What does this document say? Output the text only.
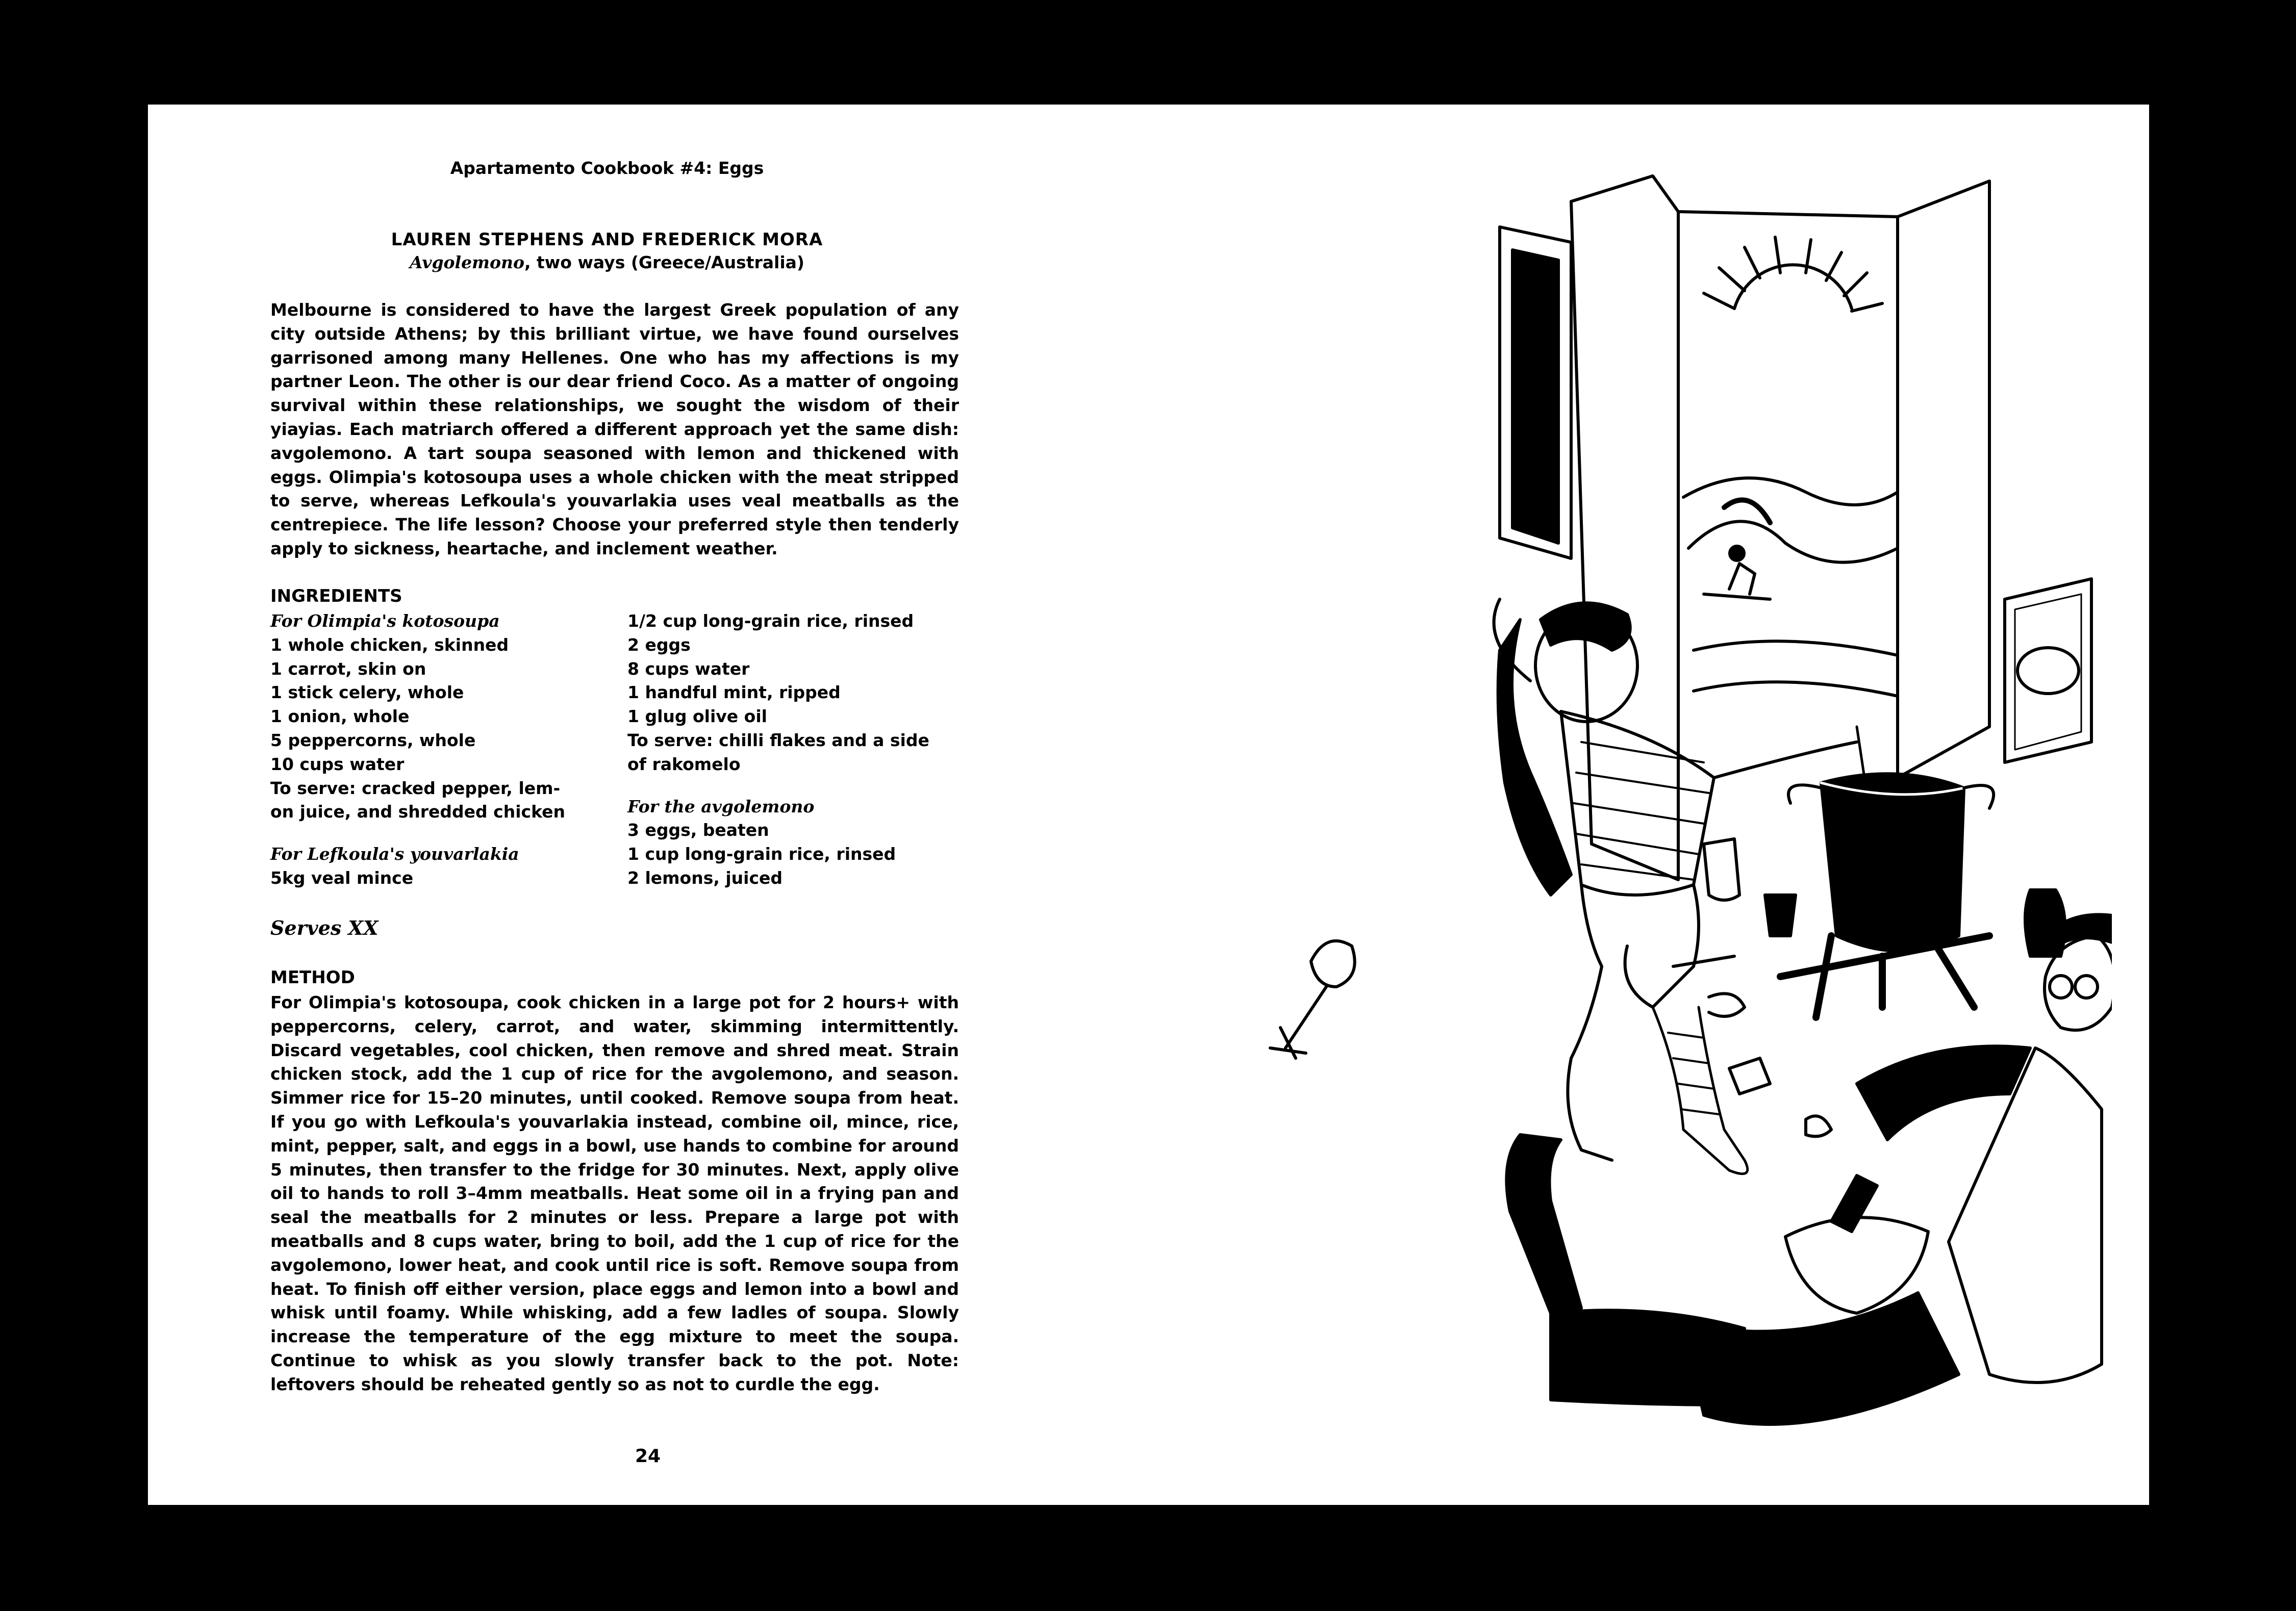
Apartamento Cookbook #4: Eggs
LAUREN STEPHENS AND FREDERICK MORA
Avgolemono, two ways (Greece/Australia)
Melbourne is considered to have the largest Greek population of any city outside Athens; by this brilliant virtue, we have found ourselves garrisoned among many Hellenes. One who has my affections is my partner Leon. The other is our dear friend Coco. As a matter of ongoing survival within these relationships, we sought the wisdom of their yiayias. Each matriarch offered a different approach yet the same dish: avgolemono. A tart soupa seasoned with lemon and thickened with eggs. Olimpia's kotosoupa uses a whole chicken with the meat stripped to serve, whereas Lefkoula's youvarlakia uses veal meatballs as the centrepiece. The life lesson? Choose your preferred style then tenderly apply to sickness, heartache, and inclement weather.
INGREDIENTS
For Olimpia's kotosoupa
1 whole chicken, skinned
1 carrot, skin on
1 stick celery, whole
1 onion, whole
5 peppercorns, whole
10 cups water
To serve: cracked pepper, lem-
on juice, and shredded chicken
For Lefkoula's youvarlakia
5kg veal mince
1/2 cup long-grain rice, rinsed
2 eggs
8 cups water
1 handful mint, ripped
1 glug olive oil
To serve: chilli flakes and a side
of rakomelo
For the avgolemono
3 eggs, beaten
1 cup long-grain rice, rinsed
2 lemons, juiced
Serves XX
METHOD
For Olimpia's kotosoupa, cook chicken in a large pot for 2 hours+ with peppercorns, celery, carrot, and water, skimming intermittently. Discard vegetables, cool chicken, then remove and shred meat. Strain chicken stock, add the 1 cup of rice for the avgolemono, and season. Simmer rice for 15–20 minutes, until cooked. Remove soupa from heat. If you go with Lefkoula's youvarlakia instead, combine oil, mince, rice, mint, pepper, salt, and eggs in a bowl, use hands to combine for around 5 minutes, then transfer to the fridge for 30 minutes. Next, apply olive oil to hands to roll 3–4mm meatballs. Heat some oil in a frying pan and seal the meatballs for 2 minutes or less. Prepare a large pot with meatballs and 8 cups water, bring to boil, add the 1 cup of rice for the avgolemono, lower heat, and cook until rice is soft. Remove soupa from heat. To finish off either version, place eggs and lemon into a bowl and whisk until foamy. While whisking, add a few ladles of soupa. Slowly increase the temperature of the egg mixture to meet the soupa. Continue to whisk as you slowly transfer back to the pot. Note: leftovers should be reheated gently so as not to curdle the egg.
24
